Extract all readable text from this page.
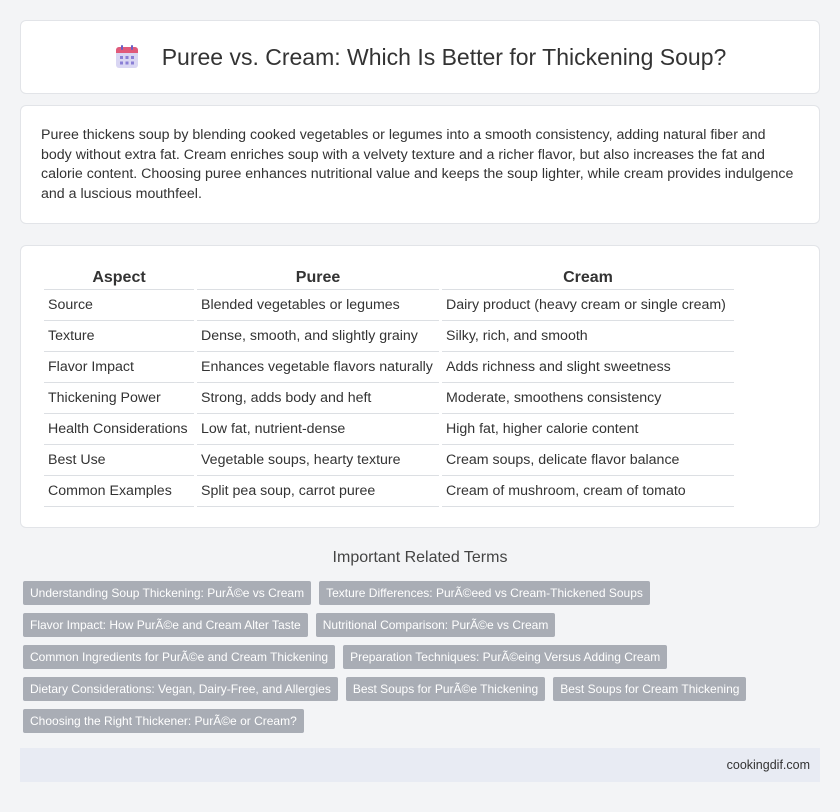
Puree vs. Cream: Which Is Better for Thickening Soup?

Puree thickens soup by blending cooked vegetables or legumes into a smooth consistency, adding natural fiber and body without extra fat. Cream enriches soup with a velvety texture and a richer flavor, but also increases the fat and calorie content. Choosing puree enhances nutritional value and keeps the soup lighter, while cream provides indulgence and a luscious mouthfeel.

Aspect	Puree	Cream
Source	Blended vegetables or legumes	Dairy product (heavy cream or single cream)
Texture	Dense, smooth, and slightly grainy	Silky, rich, and smooth
Flavor Impact	Enhances vegetable flavors naturally	Adds richness and slight sweetness
Thickening Power	Strong, adds body and heft	Moderate, smoothens consistency
Health Considerations	Low fat, nutrient-dense	High fat, higher calorie content
Best Use	Vegetable soups, hearty texture	Cream soups, delicate flavor balance
Common Examples	Split pea soup, carrot puree	Cream of mushroom, cream of tomato
Important Related Terms
Understanding Soup Thickening: PurÃ©e vs Cream	Texture Differences: PurÃ©eed vs Cream-Thickened Soups
Flavor Impact: How PurÃ©e and Cream Alter Taste	Nutritional Comparison: PurÃ©e vs Cream
Common Ingredients for PurÃ©e and Cream Thickening	Preparation Techniques: PurÃ©eing Versus Adding Cream
Dietary Considerations: Vegan, Dairy-Free, and Allergies	Best Soups for PurÃ©e Thickening	Best Soups for Cream Thickening
Choosing the Right Thickener: PurÃ©e or Cream?
cookingdif.com
